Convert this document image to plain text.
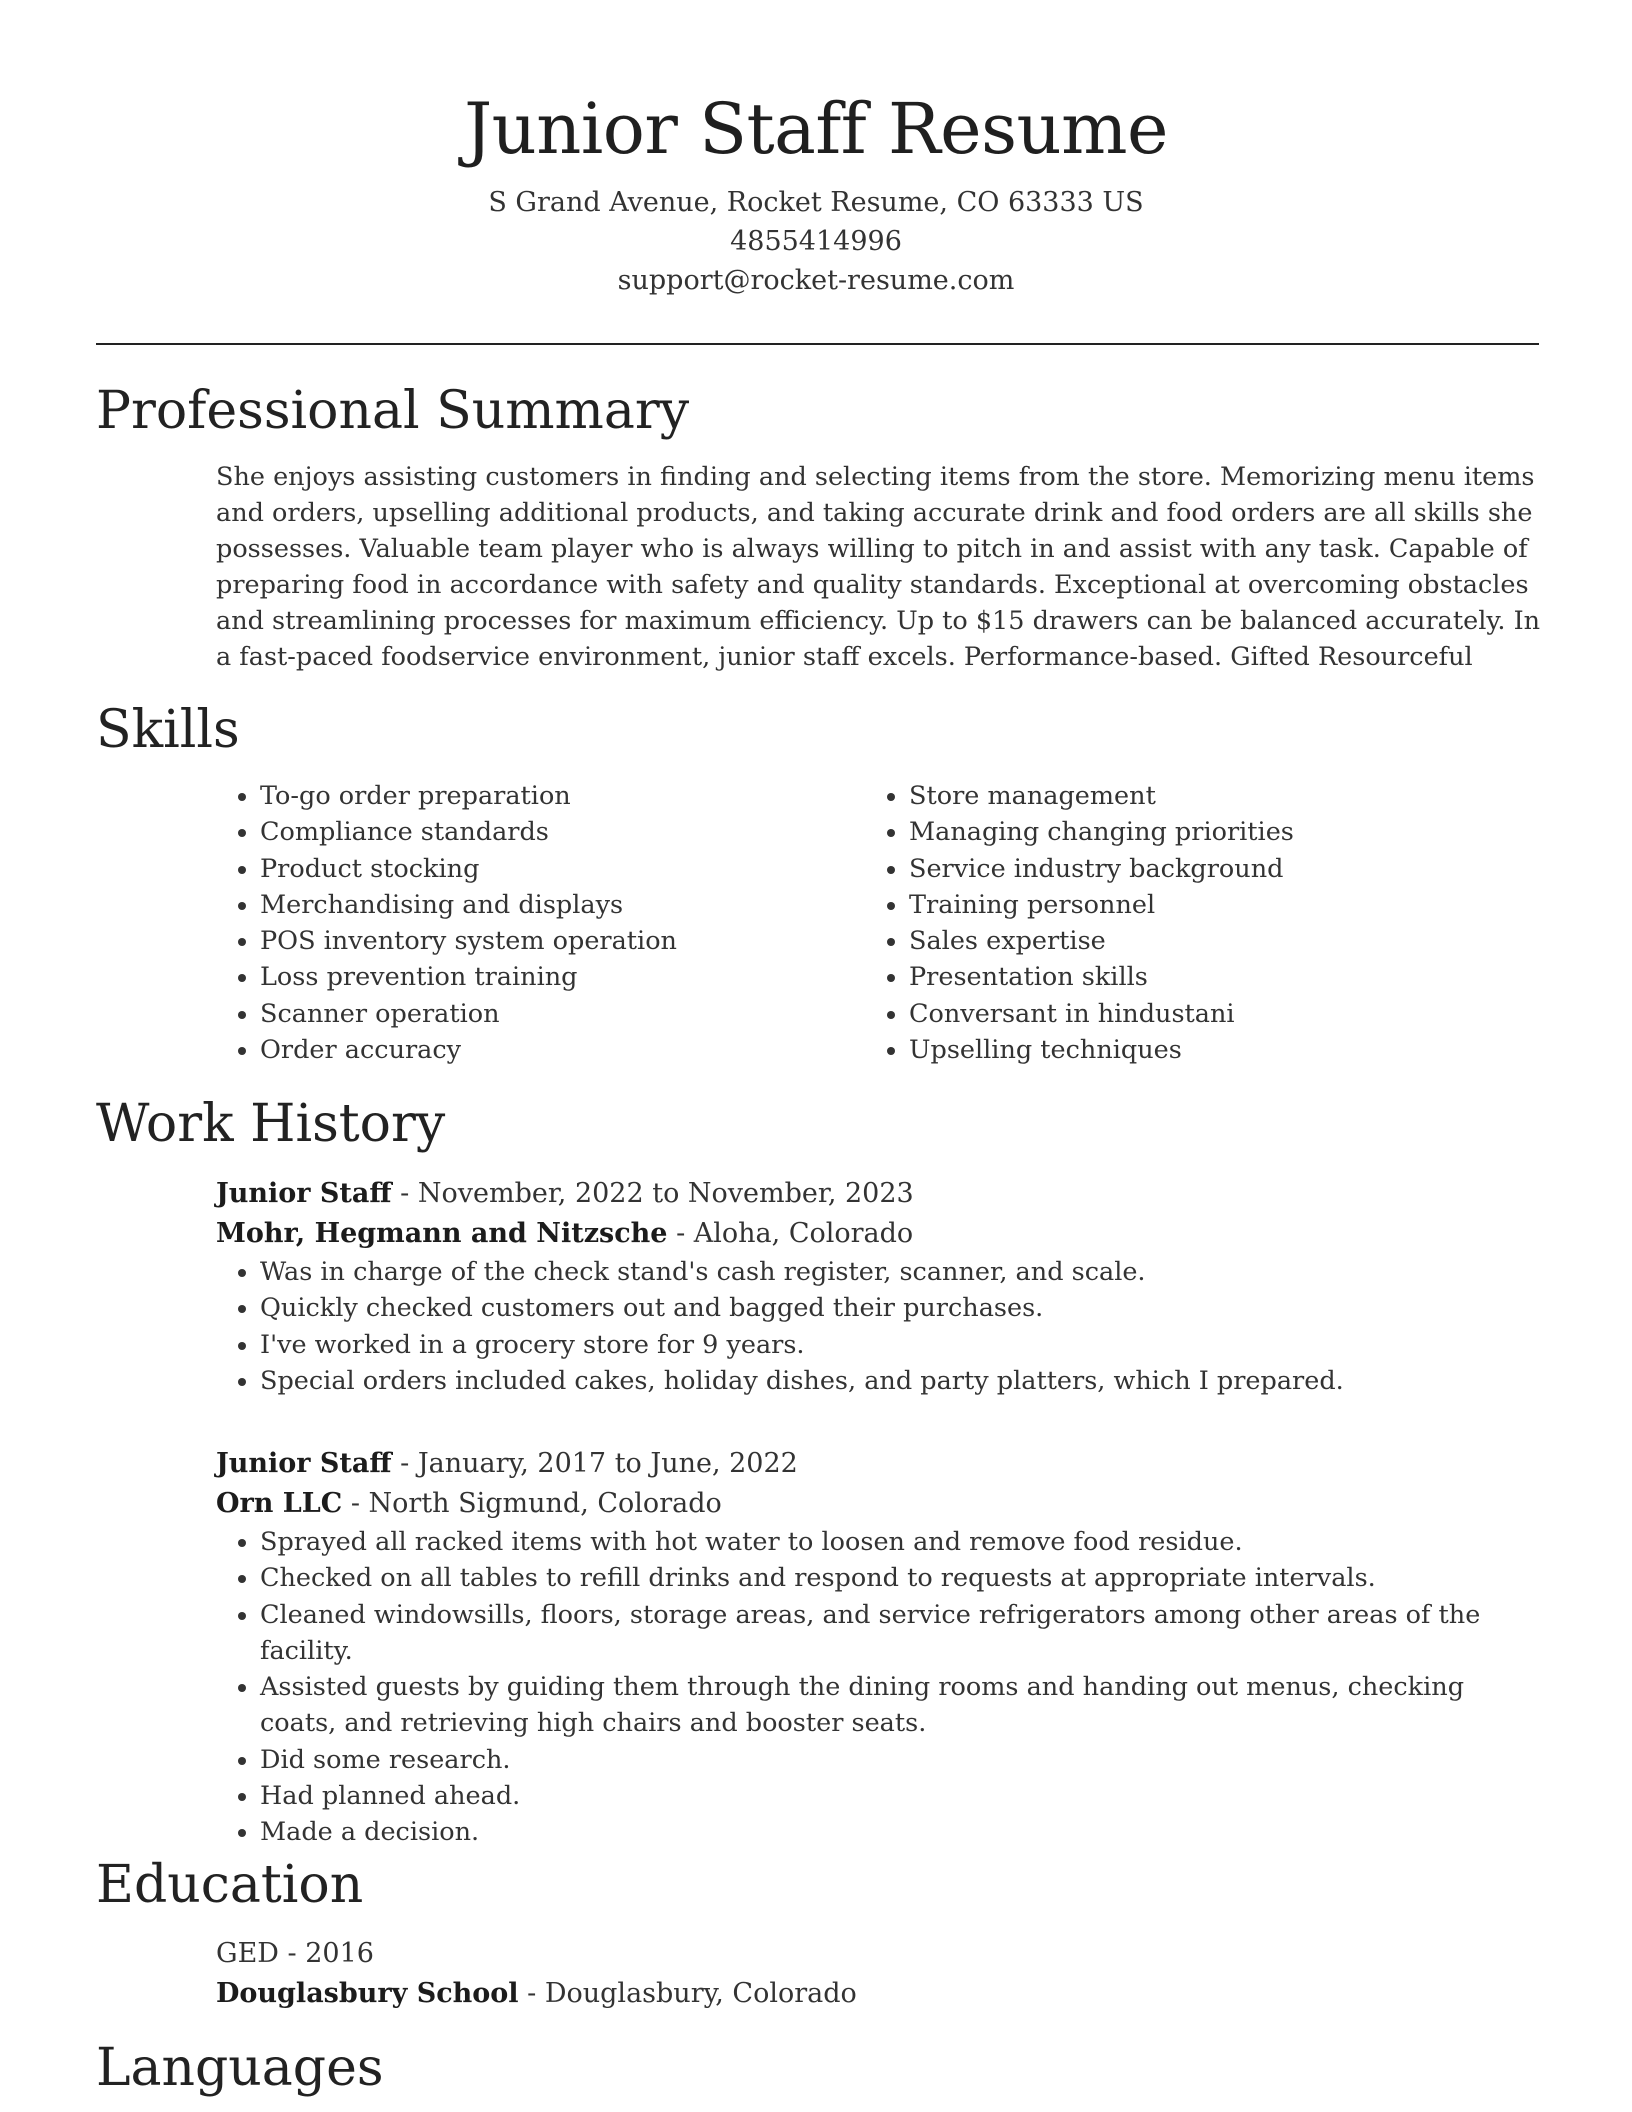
Junior Staff Resume

S Grand Avenue, Rocket Resume, CO 63333 US

4855414996

support@rocket-resume.com

Professional Summary

She enjoys assisting customers in finding and selecting items from the store. Memorizing menu items and orders, upselling additional products, and taking accurate drink and food orders are all skills she possesses. Valuable team player who is always willing to pitch in and assist with any task. Capable of preparing food in accordance with safety and quality standards. Exceptional at overcoming obstacles and streamlining processes for maximum efficiency. Up to $15 drawers can be balanced accurately. In a fast-paced foodservice environment, junior staff excels. Performance-based. Gifted Resourceful

Skills
• To-go order preparation
• Compliance standards
• Product stocking
• Merchandising and displays
• POS inventory system operation
• Loss prevention training
• Scanner operation
• Order accuracy
• Store management
• Managing changing priorities
• Service industry background
• Training personnel
• Sales expertise
• Presentation skills
• Conversant in hindustani
• Upselling techniques
Work History

Junior Staff - November, 2022 to November, 2023

Mohr, Hegmann and Nitzsche - Aloha, Colorado

• Was in charge of the check stand's cash register, scanner, and scale.
• Quickly checked customers out and bagged their purchases.
• I've worked in a grocery store for 9 years.
• Special orders included cakes, holiday dishes, and party platters, which I prepared.

Junior Staff - January, 2017 to June, 2022

Orn LLC - North Sigmund, Colorado

• Sprayed all racked items with hot water to loosen and remove food residue.
• Checked on all tables to refill drinks and respond to requests at appropriate intervals.
• Cleaned windowsills, floors, storage areas, and service refrigerators among other areas of the facility.
• Assisted guests by guiding them through the dining rooms and handing out menus, checking coats, and retrieving high chairs and booster seats.
• Did some research.
• Had planned ahead.
• Made a decision.
Education

GED - 2016

Douglasbury School - Douglasbury, Colorado

Languages
